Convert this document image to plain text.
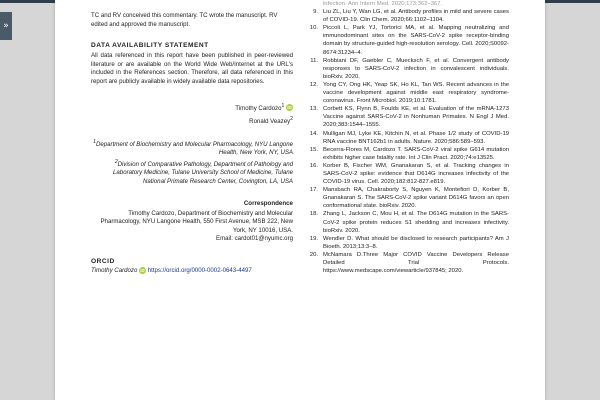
»

TC and RV conceived this commentary. TC wrote the manuscript. RV edited and approved the manuscript.

DATA AVAILABILITY STATEMENT

All data referenced in this report have been published in peer-reviewed literature or are available on the World Wide Web/Internet at the URL's included in the References section. Therefore, all data referenced in this report are publicly available in widely available data repositories.

Timothy Cardozo$^1$ iD
Ronald Veazey$^2$

$^1$Department of Biochemistry and Molecular Pharmacology, NYU Langone Health, New York, NY, USA

$^2$Division of Comparative Pathology, Department of Pathology and Laboratory Medicine, Tulane University School of Medicine, Tulane National Primate Research Center, Covington, LA, USA

Correspondence

Timothy Cardozo, Department of Biochemistry and Molecular Pharmacology, NYU Langone Health, 550 First Avenue, MSB 222, New York, NY 10016, USA.

Email: cardot01@nyumc.org

ORCID

Timothy Cardozo iD https://orcid.org/0000-0002-0643-4497

infection. Ann Intern Med. 2020;173:362–367.
9. Liu ZL, Liu Y, Wan LG, et al. Antibody profiles in mild and severe cases of COVID-19. Clin Chem. 2020;66:1102–1104.
10. Piccoli L, Park YJ, Tortorici MA, et al. Mapping neutralizing and immunodominant sites on the SARS-CoV-2 spike receptor-binding domain by structure-guided high-resolution serology. Cell. 2020;S0092-8674:31234–4.
11. Robbiani DF, Gaebler C, Muecksch F, et al. Convergent antibody responses to SARS-CoV-2 infection in convalescent individuals. bioRxiv. 2020.
12. Yong CY, Ong HK, Yeap SK, Ho KL, Tan WS. Recent advances in the vaccine development against middle east respiratory syndrome-coronavirus. Front Microbiol. 2019;10:1781.
13. Corbett KS, Flynn B, Foulds KE, et al. Evaluation of the mRNA-1273 Vaccine against SARS-CoV-2 in Nonhuman Primates. N Engl J Med. 2020;383:1544–1555.
14. Mulligan MJ, Lyke KE, Kitchin N, et al. Phase 1/2 study of COVID-19 RNA vaccine BNT162b1 in adults. Nature. 2020;586:589–593.
15. Becerra-Flores M, Cardozo T. SARS-CoV-2 viral spike G614 mutation exhibits higher case fatality rate. Int J Clin Pract. 2020;74:e13525.
16. Korber B, Fischer WM, Gnanakaran S, et al. Tracking changes in SARS-CoV-2 spike: evidence that D614G increases infectivity of the COVID-19 virus. Cell. 2020;182:812-827.e819.
17. Mansbach RA, Chakraborty S, Nguyen K, Montefiori D, Korber B, Gnanakaran S. The SARS-CoV-2 spike variant D614G favors an open conformational state. bioRxiv. 2020.
18. Zhang L, Jackson C, Mou H, et al. The D614G mutation in the SARS-CoV-2 spike protein reduces S1 shedding and increases infectivity. bioRxiv. 2020.
19. Wendler D. What should be disclosed to research participants? Am J Bioeth. 2013;13:3–8.
20. McNamara D.Three Major COVID Vaccine Developers Release Detailed Trial Protocols. https://www.medscape.com/viewarticle/937845; 2020.
